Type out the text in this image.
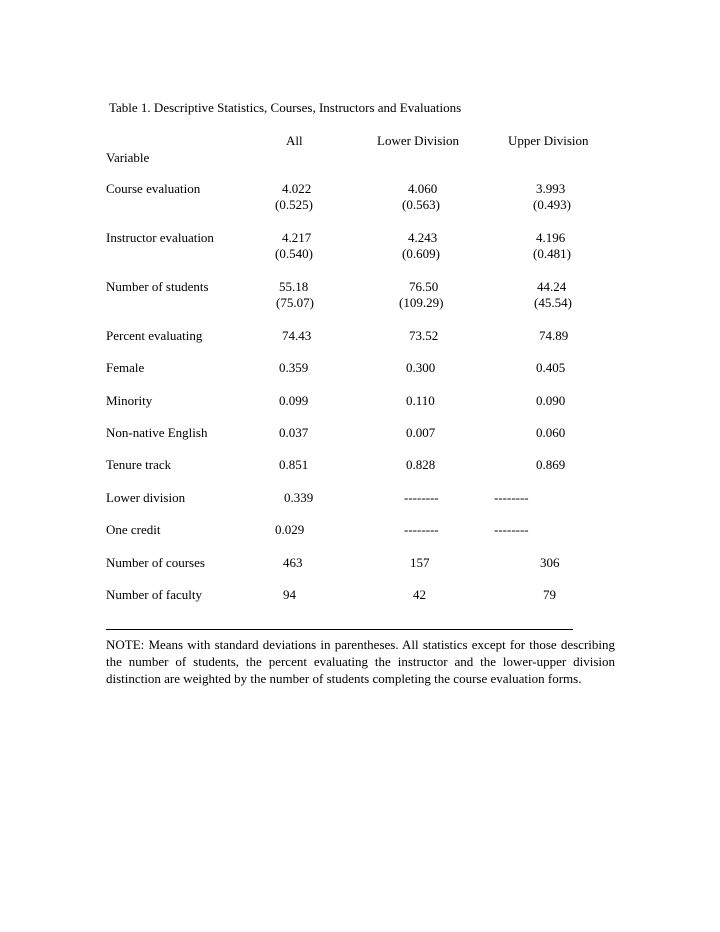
Table 1. Descriptive Statistics, Courses, Instructors and Evaluations
All	Lower Division	Upper Division
Variable
Course evaluation	4.022	4.060	3.993
(0.525)	(0.563)	(0.493)
Instructor evaluation	4.217	4.243	4.196
(0.540)	(0.609)	(0.481)
Number of students	55.18	76.50	44.24
(75.07)	(109.29)	(45.54)
Percent evaluating	74.43	73.52	74.89
Female	0.359	0.300	0.405
Minority	0.099	0.110	0.090
Non-native English	0.037	0.007	0.060
Tenure track	0.851	0.828	0.869
Lower division	0.339	--------	--------
One credit	0.029	--------	--------
Number of courses	463	157	306
Number of faculty	94	42	79
NOTE: Means with standard deviations in parentheses. All statistics except for those describing the number of students, the percent evaluating the instructor and the lower-upper division distinction are weighted by the number of students completing the course evaluation forms.
